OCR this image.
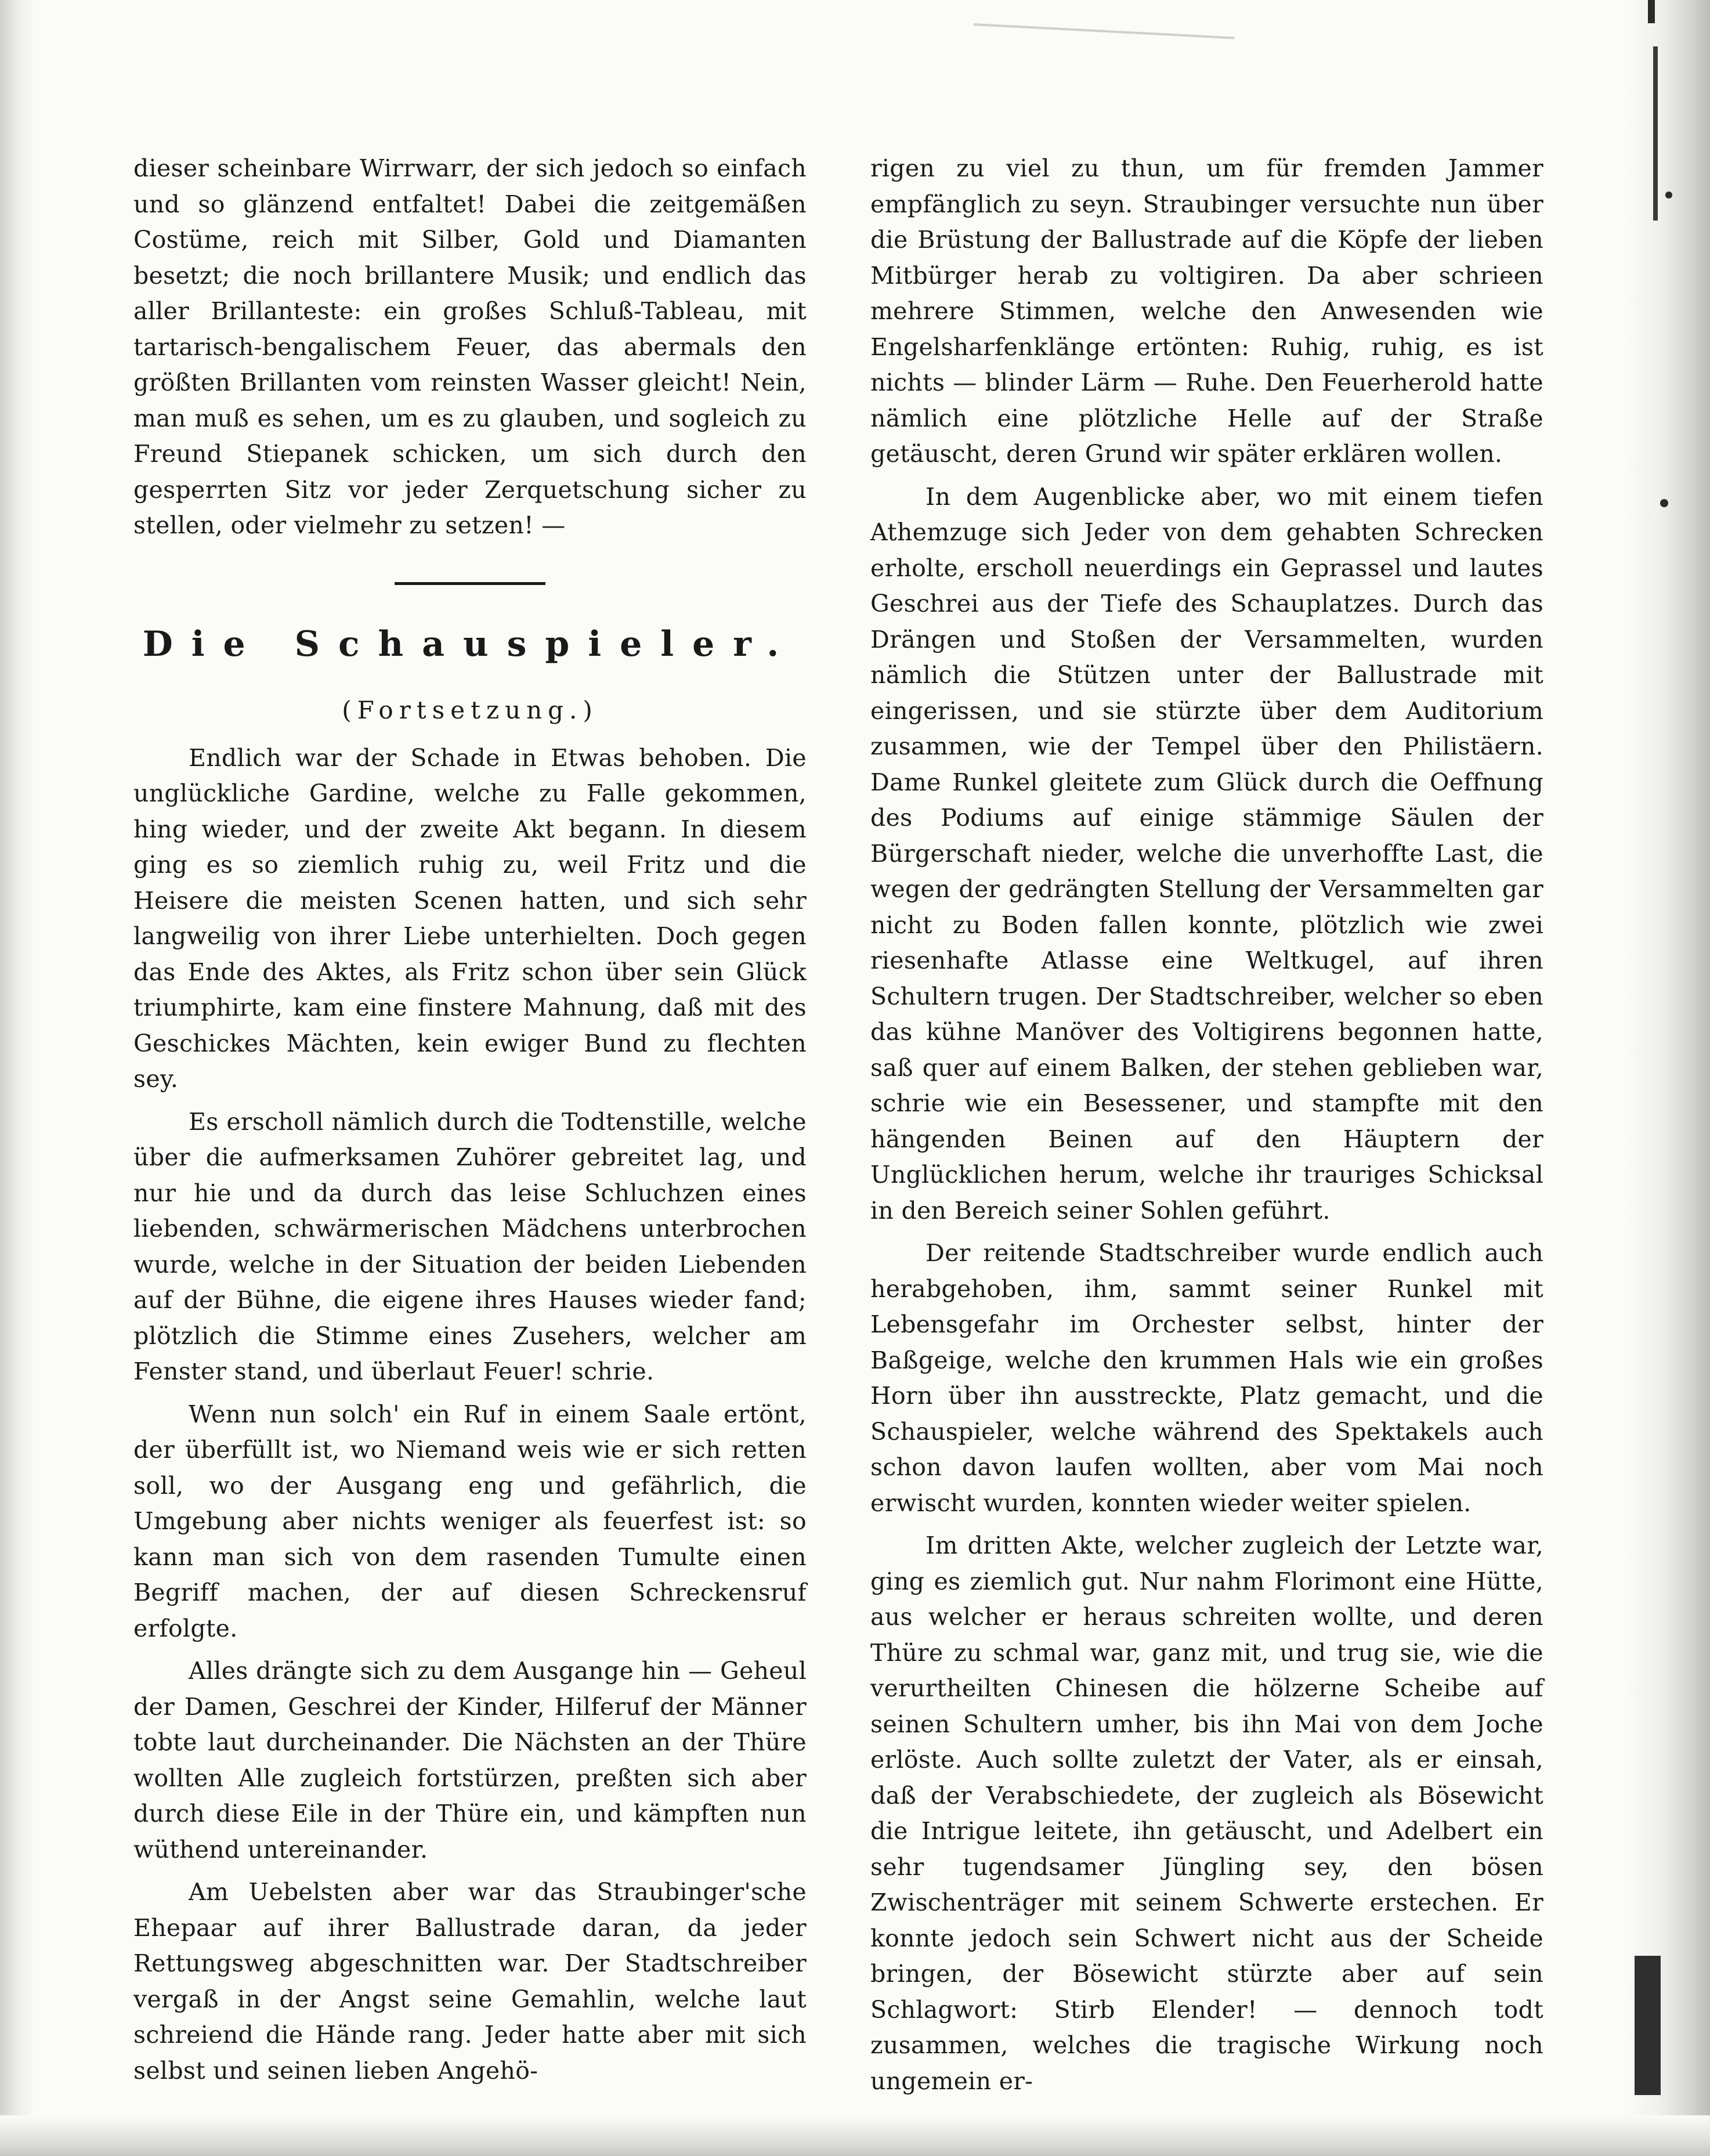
dieser scheinbare Wirrwarr, der sich jedoch so einfach und so glänzend entfaltet! Dabei die zeitgemäßen Costüme, reich mit Silber, Gold und Diamanten besetzt; die noch brillantere Musik; und endlich das aller Brillanteste: ein großes Schluß-Tableau, mit tartarisch-bengalischem Feuer, das abermals den größten Brillanten vom reinsten Wasser gleicht! Nein, man muß es sehen, um es zu glauben, und sogleich zu Freund Stiepanek schicken, um sich durch den gesperrten Sitz vor jeder Zerquetschung sicher zu stellen, oder vielmehr zu setzen! —

Die Schauspieler.

(Fortsetzung.)

Endlich war der Schade in Etwas behoben. Die unglückliche Gardine, welche zu Falle gekommen, hing wieder, und der zweite Akt begann. In diesem ging es so ziemlich ruhig zu, weil Fritz und die Heisere die meisten Scenen hatten, und sich sehr langweilig von ihrer Liebe unterhielten. Doch gegen das Ende des Aktes, als Fritz schon über sein Glück triumphirte, kam eine finstere Mahnung, daß mit des Geschickes Mächten, kein ewiger Bund zu flechten sey.

Es erscholl nämlich durch die Todtenstille, welche über die aufmerksamen Zuhörer gebreitet lag, und nur hie und da durch das leise Schluchzen eines liebenden, schwärmerischen Mädchens unterbrochen wurde, welche in der Situation der beiden Liebenden auf der Bühne, die eigene ihres Hauses wieder fand; plötzlich die Stimme eines Zusehers, welcher am Fenster stand, und überlaut Feuer! schrie.

Wenn nun solch' ein Ruf in einem Saale ertönt, der überfüllt ist, wo Niemand weis wie er sich retten soll, wo der Ausgang eng und gefährlich, die Umgebung aber nichts weniger als feuerfest ist: so kann man sich von dem rasenden Tumulte einen Begriff machen, der auf diesen Schreckensruf erfolgte.

Alles drängte sich zu dem Ausgange hin — Geheul der Damen, Geschrei der Kinder, Hilferuf der Männer tobte laut durcheinander. Die Nächsten an der Thüre wollten Alle zugleich fortstürzen, preßten sich aber durch diese Eile in der Thüre ein, und kämpften nun wüthend untereinander.

Am Uebelsten aber war das Straubinger'sche Ehepaar auf ihrer Ballustrade daran, da jeder Rettungsweg abgeschnitten war. Der Stadtschreiber vergaß in der Angst seine Gemahlin, welche laut schreiend die Hände rang. Jeder hatte aber mit sich selbst und seinen lieben Angehö-

rigen zu viel zu thun, um für fremden Jammer empfänglich zu seyn. Straubinger versuchte nun über die Brüstung der Ballustrade auf die Köpfe der lieben Mitbürger herab zu voltigiren. Da aber schrieen mehrere Stimmen, welche den Anwesenden wie Engelsharfenklänge ertönten: Ruhig, ruhig, es ist nichts — blinder Lärm — Ruhe. Den Feuerherold hatte nämlich eine plötzliche Helle auf der Straße getäuscht, deren Grund wir später erklären wollen.

In dem Augenblicke aber, wo mit einem tiefen Athemzuge sich Jeder von dem gehabten Schrecken erholte, erscholl neuerdings ein Geprassel und lautes Geschrei aus der Tiefe des Schauplatzes. Durch das Drängen und Stoßen der Versammelten, wurden nämlich die Stützen unter der Ballustrade mit eingerissen, und sie stürzte über dem Auditorium zusammen, wie der Tempel über den Philistäern. Dame Runkel gleitete zum Glück durch die Oeffnung des Podiums auf einige stämmige Säulen der Bürgerschaft nieder, welche die unverhoffte Last, die wegen der gedrängten Stellung der Versammelten gar nicht zu Boden fallen konnte, plötzlich wie zwei riesenhafte Atlasse eine Weltkugel, auf ihren Schultern trugen. Der Stadtschreiber, welcher so eben das kühne Manöver des Voltigirens begonnen hatte, saß quer auf einem Balken, der stehen geblieben war, schrie wie ein Besessener, und stampfte mit den hängenden Beinen auf den Häuptern der Unglücklichen herum, welche ihr trauriges Schicksal in den Bereich seiner Sohlen geführt.

Der reitende Stadtschreiber wurde endlich auch herabgehoben, ihm, sammt seiner Runkel mit Lebensgefahr im Orchester selbst, hinter der Baßgeige, welche den krummen Hals wie ein großes Horn über ihn ausstreckte, Platz gemacht, und die Schauspieler, welche während des Spektakels auch schon davon laufen wollten, aber vom Mai noch erwischt wurden, konnten wieder weiter spielen.

Im dritten Akte, welcher zugleich der Letzte war, ging es ziemlich gut. Nur nahm Florimont eine Hütte, aus welcher er heraus schreiten wollte, und deren Thüre zu schmal war, ganz mit, und trug sie, wie die verurtheilten Chinesen die hölzerne Scheibe auf seinen Schultern umher, bis ihn Mai von dem Joche erlöste. Auch sollte zuletzt der Vater, als er einsah, daß der Verabschiedete, der zugleich als Bösewicht die Intrigue leitete, ihn getäuscht, und Adelbert ein sehr tugendsamer Jüngling sey, den bösen Zwischenträger mit seinem Schwerte erstechen. Er konnte jedoch sein Schwert nicht aus der Scheide bringen, der Bösewicht stürzte aber auf sein Schlagwort: Stirb Elender! — dennoch todt zusammen, welches die tragische Wirkung noch ungemein er-
